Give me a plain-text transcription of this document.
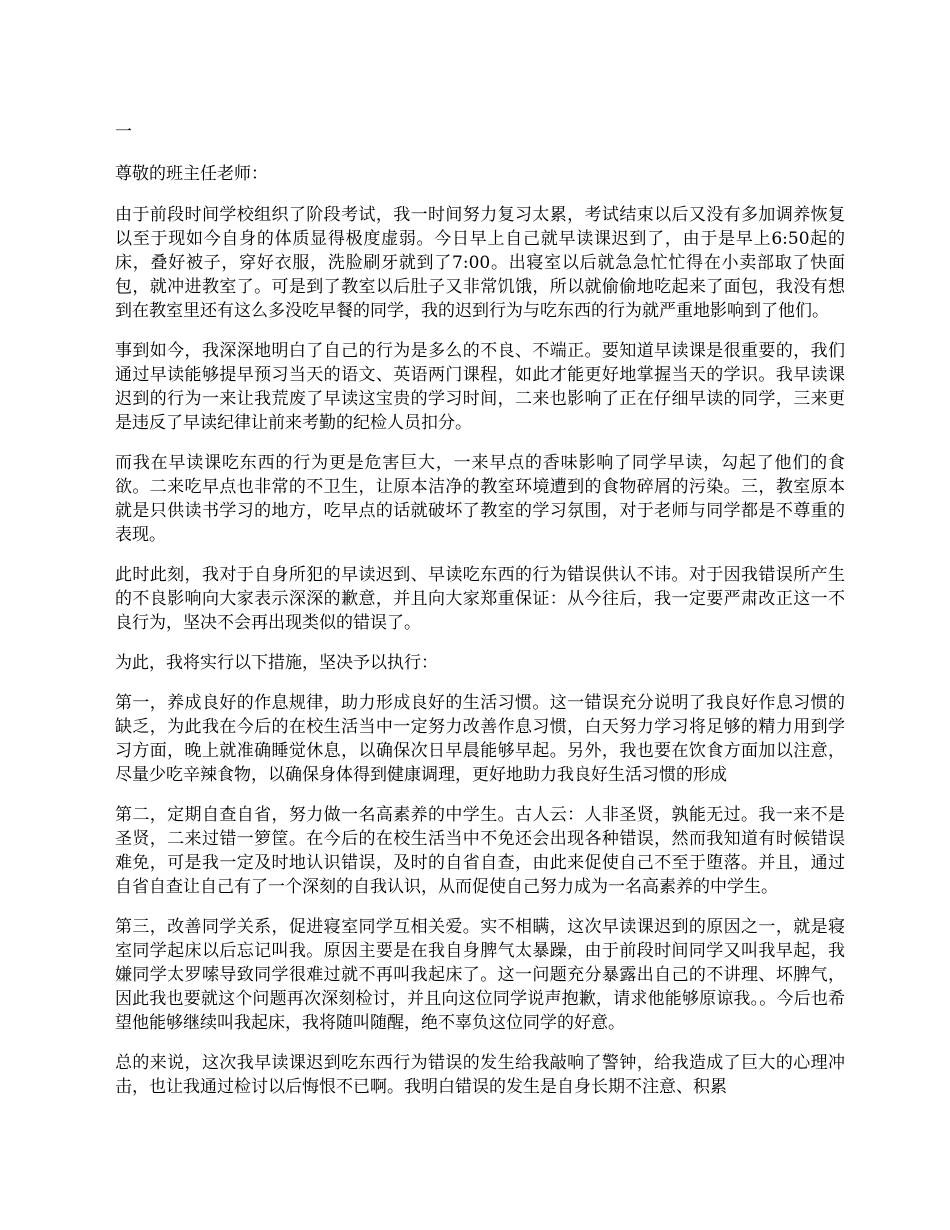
一
尊敬的班主任老师：
由于前段时间学校组织了阶段考试，我一时间努力复习太累，考试结束以后又没有多加调养恢复以至于现如今自身的体质显得极度虚弱。今日早上自己就早读课迟到了，由于是早上6:50起的床，叠好被子，穿好衣服，洗脸刷牙就到了7:00。出寝室以后就急急忙忙得在小卖部取了快面包，就冲进教室了。可是到了教室以后肚子又非常饥饿，所以就偷偷地吃起来了面包，我没有想到在教室里还有这么多没吃早餐的同学，我的迟到行为与吃东西的行为就严重地影响到了他们。
事到如今，我深深地明白了自己的行为是多么的不良、不端正。要知道早读课是很重要的，我们通过早读能够提早预习当天的语文、英语两门课程，如此才能更好地掌握当天的学识。我早读课迟到的行为一来让我荒废了早读这宝贵的学习时间，二来也影响了正在仔细早读的同学，三来更是违反了早读纪律让前来考勤的纪检人员扣分。
而我在早读课吃东西的行为更是危害巨大，一来早点的香味影响了同学早读，勾起了他们的食欲。二来吃早点也非常的不卫生，让原本洁净的教室环境遭到的食物碎屑的污染。三，教室原本就是只供读书学习的地方，吃早点的话就破坏了教室的学习氛围，对于老师与同学都是不尊重的表现。
此时此刻，我对于自身所犯的早读迟到、早读吃东西的行为错误供认不讳。对于因我错误所产生的不良影响向大家表示深深的歉意，并且向大家郑重保证：从今往后，我一定要严肃改正这一不良行为，坚决不会再出现类似的错误了。
为此，我将实行以下措施，坚决予以执行：
第一，养成良好的作息规律，助力形成良好的生活习惯。这一错误充分说明了我良好作息习惯的缺乏，为此我在今后的在校生活当中一定努力改善作息习惯，白天努力学习将足够的精力用到学习方面，晚上就准确睡觉休息，以确保次日早晨能够早起。另外，我也要在饮食方面加以注意，尽量少吃辛辣食物，以确保身体得到健康调理，更好地助力我良好生活习惯的形成
第二，定期自查自省，努力做一名高素养的中学生。古人云：人非圣贤，孰能无过。我一来不是圣贤，二来过错一箩筐。在今后的在校生活当中不免还会出现各种错误，然而我知道有时候错误难免，可是我一定及时地认识错误，及时的自省自查，由此来促使自己不至于堕落。并且，通过自省自查让自己有了一个深刻的自我认识，从而促使自己努力成为一名高素养的中学生。
第三，改善同学关系，促进寝室同学互相关爱。实不相瞒，这次早读课迟到的原因之一，就是寝室同学起床以后忘记叫我。原因主要是在我自身脾气太暴躁，由于前段时间同学又叫我早起，我嫌同学太罗嗦导致同学很难过就不再叫我起床了。这一问题充分暴露出自己的不讲理、坏脾气，因此我也要就这个问题再次深刻检讨，并且向这位同学说声抱歉，请求他能够原谅我。。今后也希望他能够继续叫我起床，我将随叫随醒，绝不辜负这位同学的好意。
总的来说，这次我早读课迟到吃东西行为错误的发生给我敲响了警钟，给我造成了巨大的心理冲击，也让我通过检讨以后悔恨不已啊。我明白错误的发生是自身长期不注意、积累
